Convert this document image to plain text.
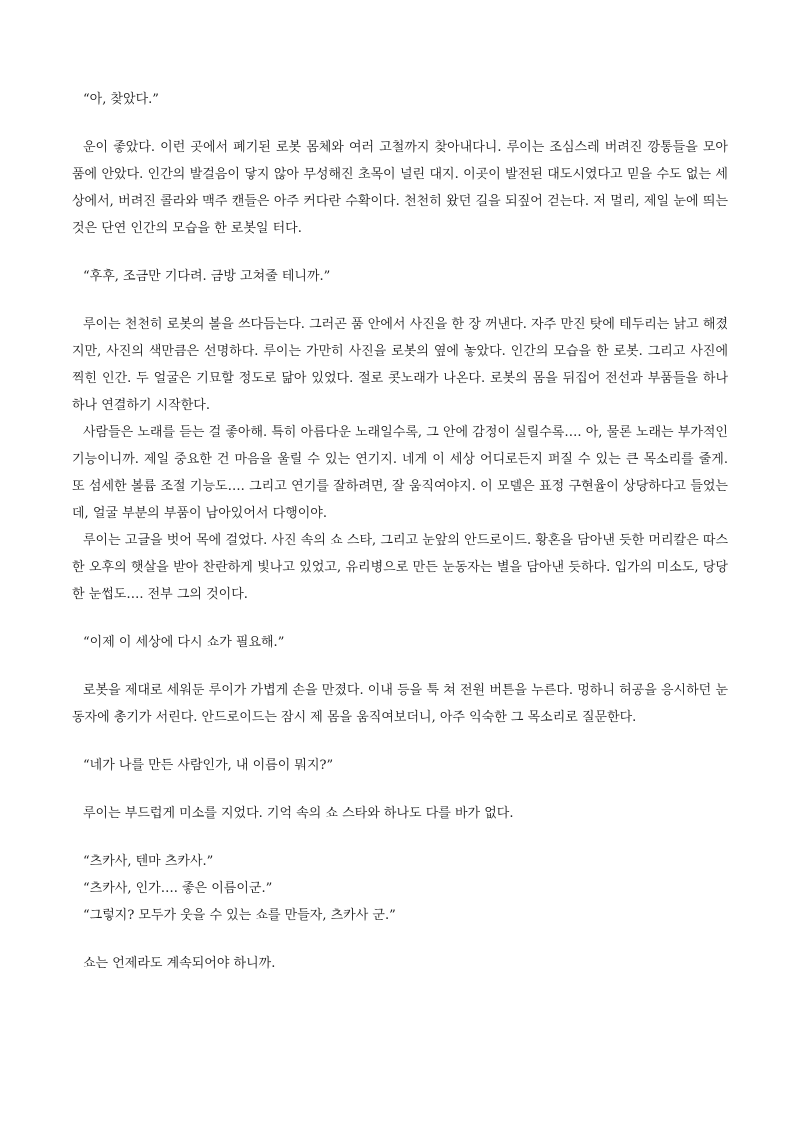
“아, 찾았다.”

운이 좋았다. 이런 곳에서 폐기된 로봇 몸체와 여러 고철까지 찾아내다니. 루이는 조심스레 버려진 깡통들을 모아 품에 안았다. 인간의 발걸음이 닿지 않아 무성해진 초목이 널린 대지. 이곳이 발전된 대도시였다고 믿을 수도 없는 세상에서, 버려진 콜라와 맥주 캔들은 아주 커다란 수확이다. 천천히 왔던 길을 되짚어 걷는다. 저 멀리, 제일 눈에 띄는 것은 단연 인간의 모습을 한 로봇일 터다.

“후후, 조금만 기다려. 금방 고쳐줄 테니까.”

루이는 천천히 로봇의 볼을 쓰다듬는다. 그러곤 품 안에서 사진을 한 장 꺼낸다. 자주 만진 탓에 테두리는 낡고 해졌지만, 사진의 색만큼은 선명하다. 루이는 가만히 사진을 로봇의 옆에 놓았다. 인간의 모습을 한 로봇. 그리고 사진에 찍힌 인간. 두 얼굴은 기묘할 정도로 닮아 있었다. 절로 콧노래가 나온다. 로봇의 몸을 뒤집어 전선과 부품들을 하나하나 연결하기 시작한다.

사람들은 노래를 듣는 걸 좋아해. 특히 아름다운 노래일수록, 그 안에 감정이 실릴수록…. 아, 물론 노래는 부가적인 기능이니까. 제일 중요한 건 마음을 울릴 수 있는 연기지. 네게 이 세상 어디로든지 퍼질 수 있는 큰 목소리를 줄게. 또 섬세한 볼륨 조절 기능도…. 그리고 연기를 잘하려면, 잘 움직여야지. 이 모델은 표정 구현율이 상당하다고 들었는데, 얼굴 부분의 부품이 남아있어서 다행이야.

루이는 고글을 벗어 목에 걸었다. 사진 속의 쇼 스타, 그리고 눈앞의 안드로이드. 황혼을 담아낸 듯한 머리칼은 따스한 오후의 햇살을 받아 찬란하게 빛나고 있었고, 유리병으로 만든 눈동자는 별을 담아낸 듯하다. 입가의 미소도, 당당한 눈썹도…. 전부 그의 것이다.

“이제 이 세상에 다시 쇼가 필요해.”

로봇을 제대로 세워둔 루이가 가볍게 손을 만졌다. 이내 등을 툭 쳐 전원 버튼을 누른다. 멍하니 허공을 응시하던 눈동자에 총기가 서린다. 안드로이드는 잠시 제 몸을 움직여보더니, 아주 익숙한 그 목소리로 질문한다.

“네가 나를 만든 사람인가, 내 이름이 뭐지?”

루이는 부드럽게 미소를 지었다. 기억 속의 쇼 스타와 하나도 다를 바가 없다.

“츠카사, 텐마 츠카사.”

“츠카사, 인가…. 좋은 이름이군.”

“그렇지? 모두가 웃을 수 있는 쇼를 만들자, 츠카사 군.”

쇼는 언제라도 계속되어야 하니까.
